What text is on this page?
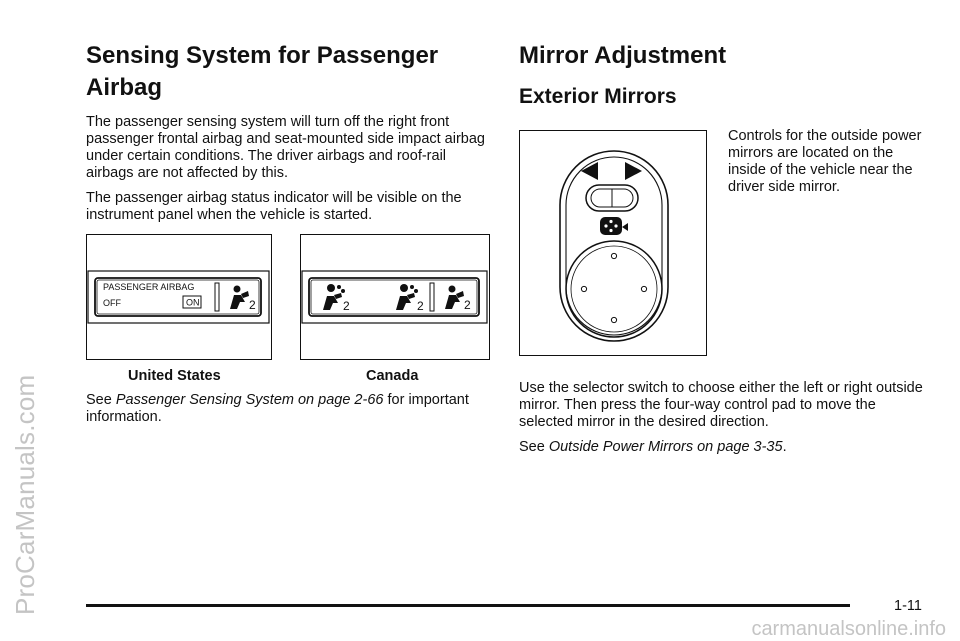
ProCarManuals.com
carmanualsonline.info
Sensing System for Passenger Airbag

The passenger sensing system will turn off the right front passenger frontal airbag and seat-mounted side impact airbag under certain conditions. The driver airbags and roof-rail airbags are not affected by this.

The passenger airbag status indicator will be visible on the instrument panel when the vehicle is started.

PASSENGER AIRBAG
OFF	ON	2	2	2	2
United States	Canada

See Passenger Sensing System on page 2-66 for important information.

Mirror Adjustment
Exterior Mirrors
Controls for the outside power mirrors are located on the inside of the vehicle near the driver side mirror.

Use the selector switch to choose either the left or right outside mirror. Then press the four-way control pad to move the selected mirror in the desired direction.

See Outside Power Mirrors on page 3-35.

1-11
